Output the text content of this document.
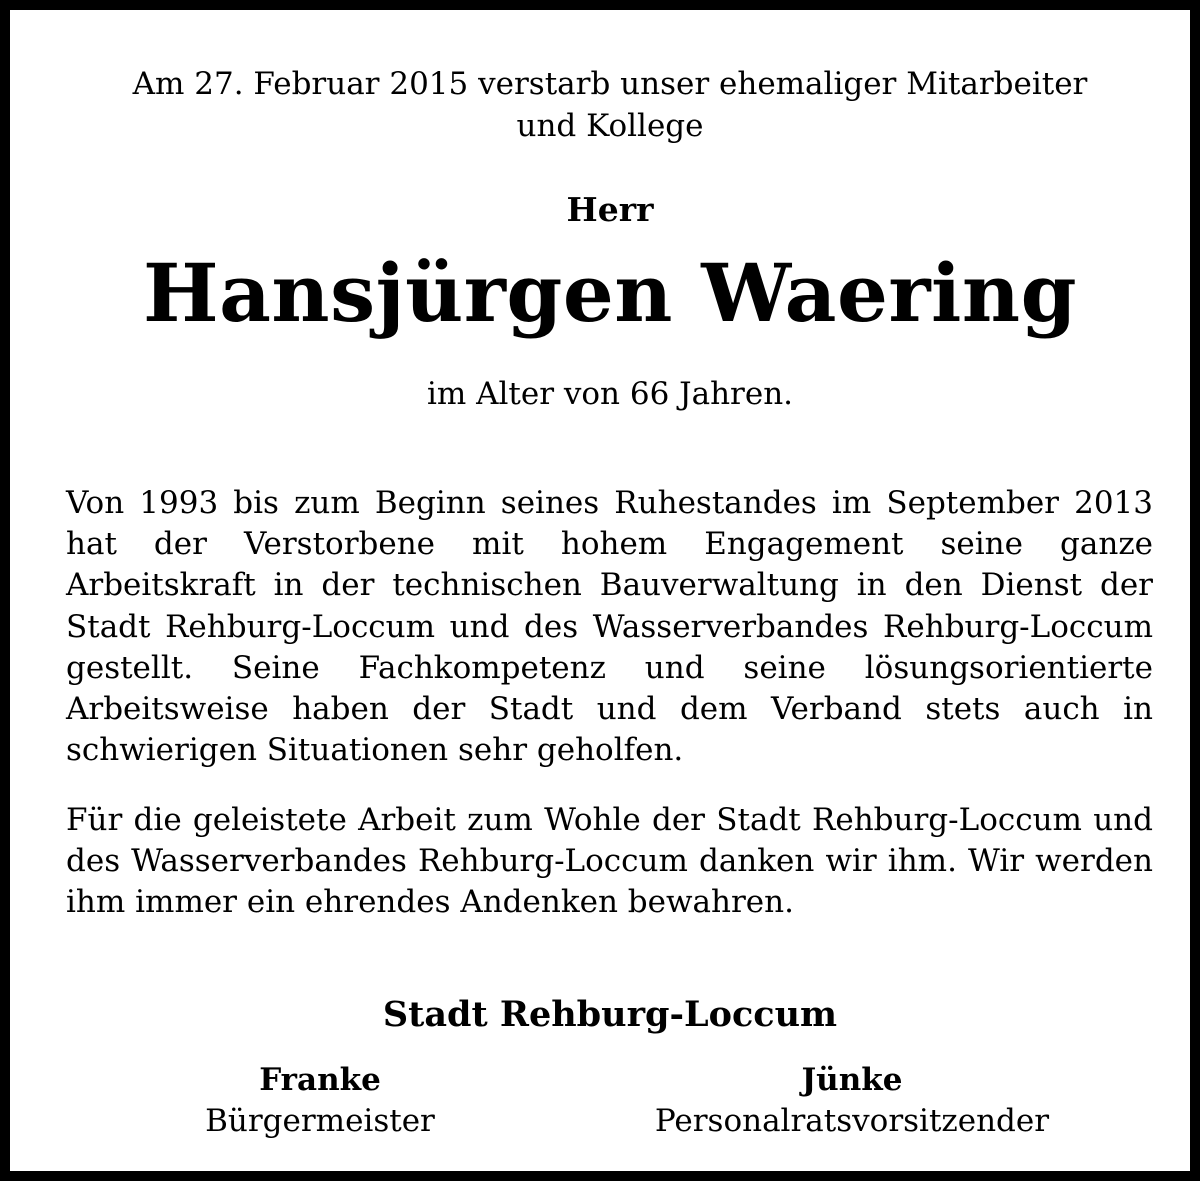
Am 27. Februar 2015 verstarb unser ehemaliger Mitarbeiter
und Kollege
Herr
Hansjürgen Waering
im Alter von 66 Jahren.
Von 1993 bis zum Beginn seines Ruhestandes im September 2013 hat der Verstorbene mit hohem Engagement seine ganze Arbeitskraft in der technischen Bauverwaltung in den Dienst der Stadt Rehburg-Loccum und des Wasserverbandes Rehburg-Loccum gestellt. Seine Fachkompetenz und seine lösungsorientierte Arbeitsweise haben der Stadt und dem Verband stets auch in schwierigen Situationen sehr geholfen.
Für die geleistete Arbeit zum Wohle der Stadt Rehburg-Loccum und des Wasserverbandes Rehburg-Loccum danken wir ihm. Wir werden ihm immer ein ehrendes Andenken bewahren.
Stadt Rehburg-Loccum
Franke
Bürgermeister
Jünke
Personalratsvorsitzender
